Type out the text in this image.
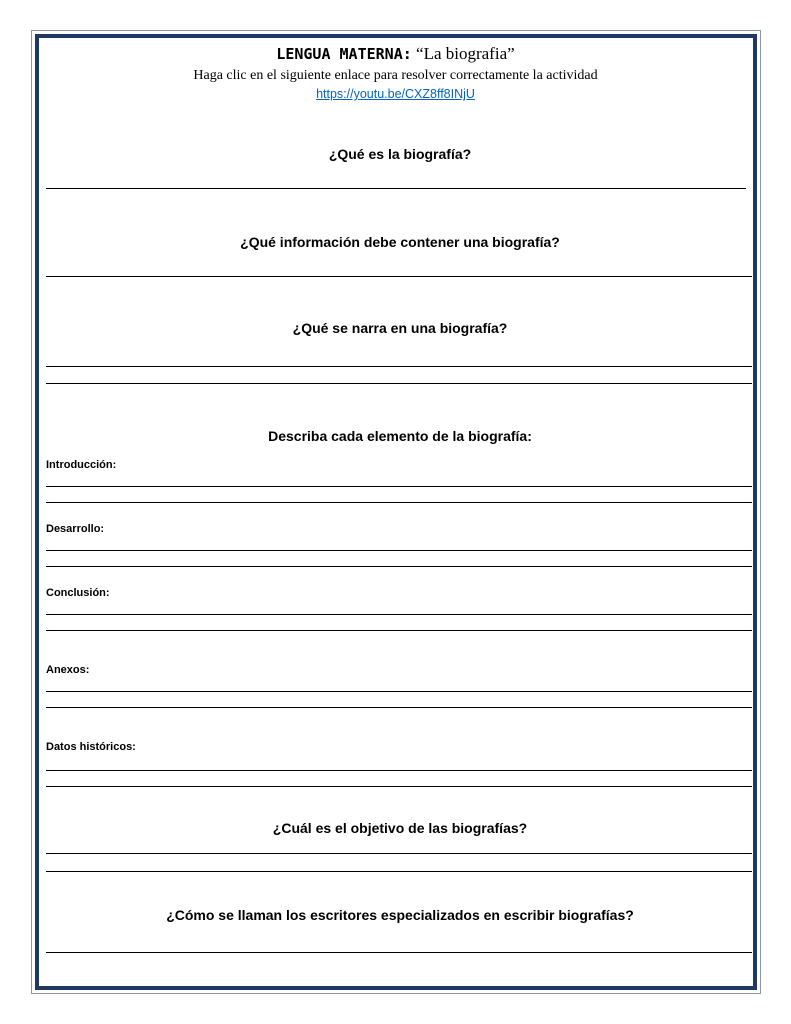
LENGUA MATERNA: “La biografia”
Haga clic en el siguiente enlace para resolver correctamente la actividad
https://youtu.be/CXZ8ff8INjU
¿Qué es la biografía?
¿Qué información debe contener una biografía?
¿Qué se narra en una biografía?
Describa cada elemento de la biografía:
Introducción:
Desarrollo:
Conclusión:
Anexos:
Datos históricos:
¿Cuál es el objetivo de las biografías?
¿Cómo se llaman los escritores especializados en escribir biografías?
